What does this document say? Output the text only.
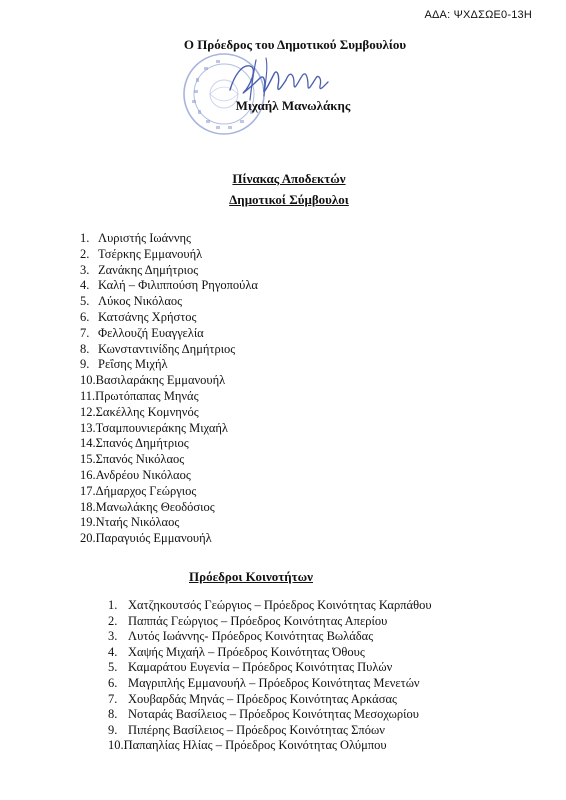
ΑΔΑ: ΨΧΔΣΩΕ0-13Η
Ο Πρόεδρος του Δημοτικού Συμβουλίου
Μιχαήλ Μανωλάκης
Πίνακας Αποδεκτών
Δημοτικοί Σύμβουλοι
1. Λυριστής Ιωάννης
2. Τσέρκης Εμμανουήλ
3. Ζανάκης Δημήτριος
4. Καλή – Φιλιππούση Ρηγοπούλα
5. Λύκος Νικόλαος
6. Κατσάνης Χρήστος
7. Φελλουζή Ευαγγελία
8. Κωνσταντινίδης Δημήτριος
9. Ρεΐσης Μιχήλ
10.Βασιλαράκης Εμμανουήλ
11.Πρωτόπαπας Μηνάς
12.Σακέλλης Κομνηνός
13.Τσαμπουνιεράκης Μιχαήλ
14.Σπανός Δημήτριος
15.Σπανός Νικόλαος
16.Ανδρέου Νικόλαος
17.Δήμαρχος Γεώργιος
18.Μανωλάκης Θεοδόσιος
19.Νταής Νικόλαος
20.Παραγυιός Εμμανουήλ
Πρόεδροι Κοινοτήτων
1. Χατζηκουτσός Γεώργιος – Πρόεδρος Κοινότητας Καρπάθου
2. Παππάς Γεώργιος – Πρόεδρος Κοινότητας Απερίου
3. Λυτός Ιωάννης- Πρόεδρος Κοινότητας Βωλάδας
4. Χαψής Μιχαήλ – Πρόεδρος Κοινότητας Όθους
5. Καμαράτου Ευγενία – Πρόεδρος Κοινότητας Πυλών
6. Μαγριπλής Εμμανουήλ – Πρόεδρος Κοινότητας Μενετών
7. Χουβαρδάς Μηνάς – Πρόεδρος Κοινότητας Αρκάσας
8. Νοταράς Βασίλειος – Πρόεδρος Κοινότητας Μεσοχωρίου
9. Πιπέρης Βασίλειος – Πρόεδρος Κοινότητας Σπόων
10.Παπαηλίας Ηλίας – Πρόεδρος Κοινότητας Ολύμπου
